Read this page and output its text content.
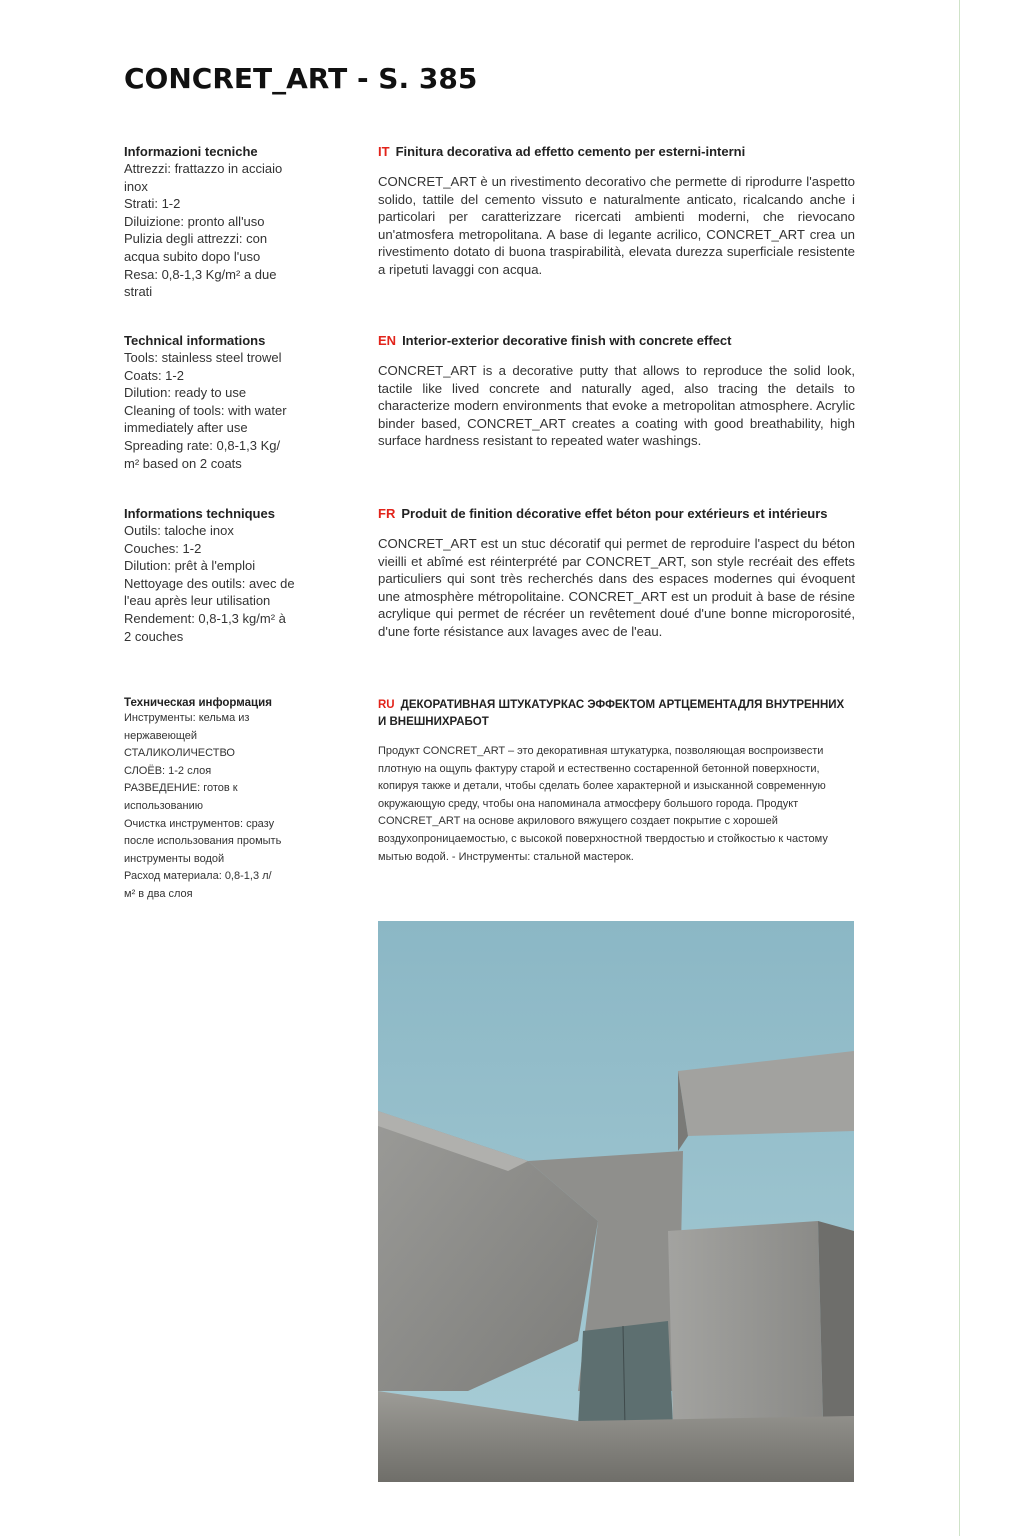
CONCRET_ART - S. 385
Informazioni tecniche
Attrezzi: frattazzo in acciaio
inox
Strati: 1-2
Diluizione: pronto all'uso
Pulizia degli attrezzi: con
acqua subito dopo l'uso
Resa: 0,8-1,3 Kg/m² a due
strati
Technical informations
Tools: stainless steel trowel
Coats: 1-2
Dilution: ready to use
Cleaning of tools: with water
immediately after use
Spreading rate: 0,8-1,3 Kg/
m² based on 2 coats
Informations techniques
Outils: taloche inox
Couches: 1-2
Dilution: prêt à l'emploi
Nettoyage des outils: avec de
l'eau après leur utilisation
Rendement: 0,8-1,3 kg/m² à
2 couches
Техническая информация
Инструменты: кельма из
нержавеющей
СТАЛИКОЛИЧЕСТВО
СЛОЁВ: 1-2 слоя
РАЗВЕДЕНИЕ: готов к
использованию
Очистка инструментов: сразу
после использования промыть
инструменты водой
Расход материала: 0,8-1,3 л/
м² в два слоя
IT Finitura decorativa ad effetto cemento per esterni-interni

CONCRET_ART è un rivestimento decorativo che permette di riprodurre l'aspetto solido, tattile del cemento vissuto e naturalmente anticato, ricalcando anche i particolari per caratterizzare ricercati ambienti moderni, che rievocano un'atmosfera metropolitana. A base di legante acrilico, CONCRET_ART crea un rivestimento dotato di buona traspirabilità, elevata durezza superficiale resistente a ripetuti lavaggi con acqua.

EN Interior-exterior decorative finish with concrete effect

CONCRET_ART is a decorative putty that allows to reproduce the solid look, tactile like lived concrete and naturally aged, also tracing the details to characterize modern environments that evoke a metropolitan atmosphere. Acrylic binder based, CONCRET_ART creates a coating with good breathability, high surface hardness resistant to repeated water washings.

FR Produit de finition décorative effet béton pour extérieurs et intérieurs

CONCRET_ART est un stuc décoratif qui permet de reproduire l'aspect du béton vieilli et abîmé est réinterprété par CONCRET_ART, son style recréait des effets particuliers qui sont très recherchés dans des espaces modernes qui évoquent une atmosphère métropolitaine. CONCRET_ART est un produit à base de résine acrylique qui permet de récréer un revêtement doué d'une bonne microporosité, d'une forte résistance aux lavages avec de l'eau.

RU ДЕКОРАТИВНАЯ ШТУКАТУРКАС ЭФФЕКТОМ АРТЦЕМЕНТАДЛЯ ВНУТРЕННИХ И ВНЕШНИХРАБОТ

Продукт CONCRET_ART – это декоративная штукатурка, позволяющая воспроизвести плотную на ощупь фактуру старой и естественно состаренной бетонной поверхности, копируя также и детали, чтобы сделать более характерной и изысканной современную окружающую среду, чтобы она напоминала атмосферу большого города. Продукт CONCRET_ART на основе акрилового вяжущего создает покрытие с хорошей воздухопроницаемостью, с высокой поверхностной твердостью и стойкостью к частому мытью водой. - Инструменты: стальной мастерок.
